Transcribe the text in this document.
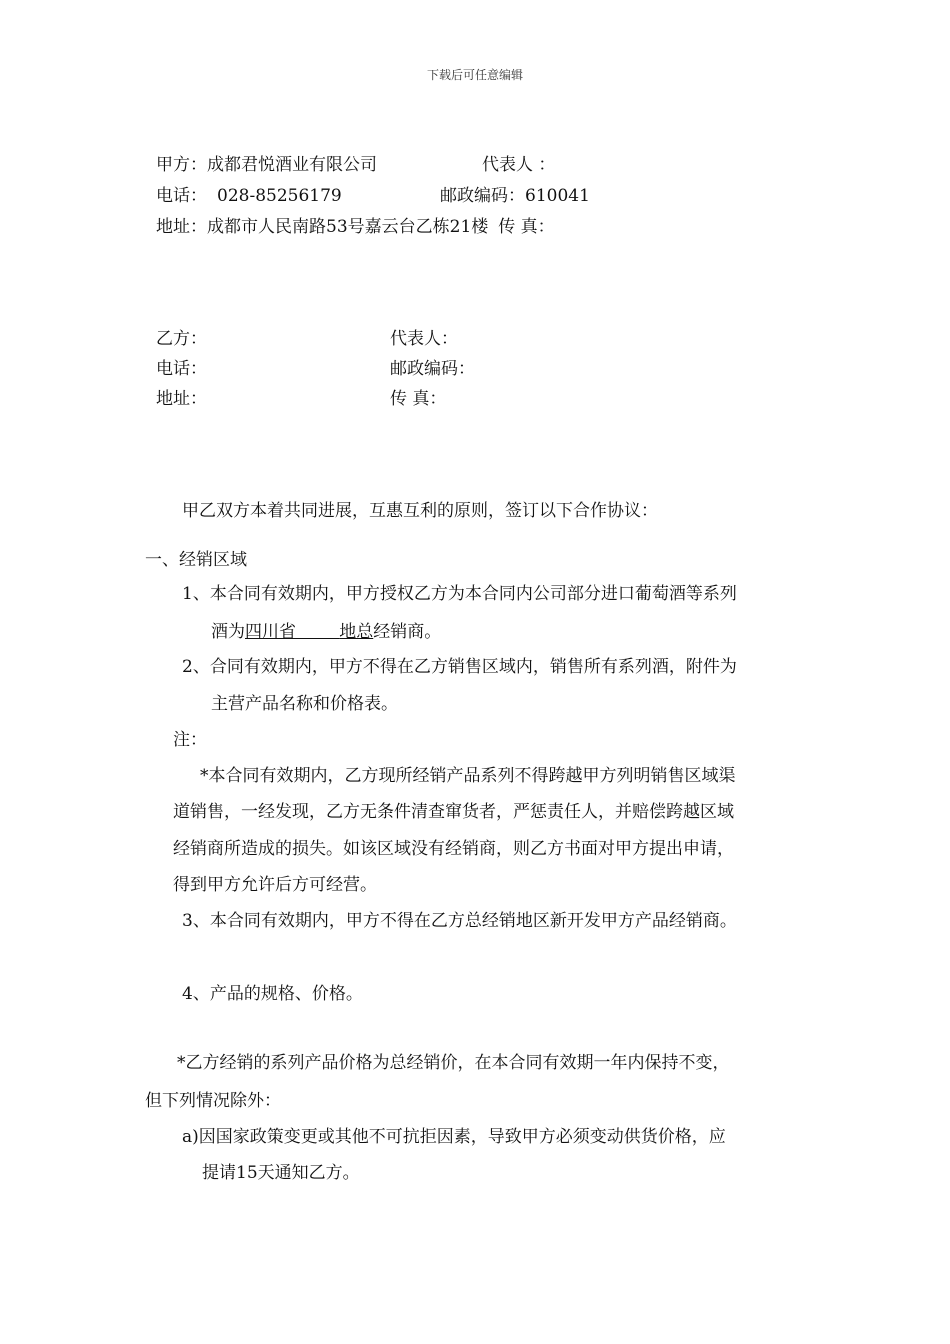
下载后可任意编辑
甲方：成都君悦酒业有限公司	代表人 ：
电话： 028-85256179	邮政编码：610041
地址：成都市人民南路53号嘉云台乙栋21楼 传 真：
乙方：	代表人：
电话：	邮政编码：
地址：	传 真：
甲乙双方本着共同进展，互惠互利的原则，签订以下合作协议：
一、经销区域
1、本合同有效期内，甲方授权乙方为本合同内公司部分进口葡萄酒等系列
酒为四川省	地总经销商。
2、合同有效期内，甲方不得在乙方销售区域内，销售所有系列酒，附件为
主营产品名称和价格表。
注：
*本合同有效期内，乙方现所经销产品系列不得跨越甲方列明销售区域渠
道销售，一经发现，乙方无条件清查窜货者，严惩责任人，并赔偿跨越区域
经销商所造成的损失。如该区域没有经销商，则乙方书面对甲方提出申请，
得到甲方允许后方可经营。
3、本合同有效期内，甲方不得在乙方总经销地区新开发甲方产品经销商。
4、产品的规格、价格。
*乙方经销的系列产品价格为总经销价，在本合同有效期一年内保持不变，
但下列情况除外：
a)因国家政策变更或其他不可抗拒因素，导致甲方必须变动供货价格，应
提请15天通知乙方。
